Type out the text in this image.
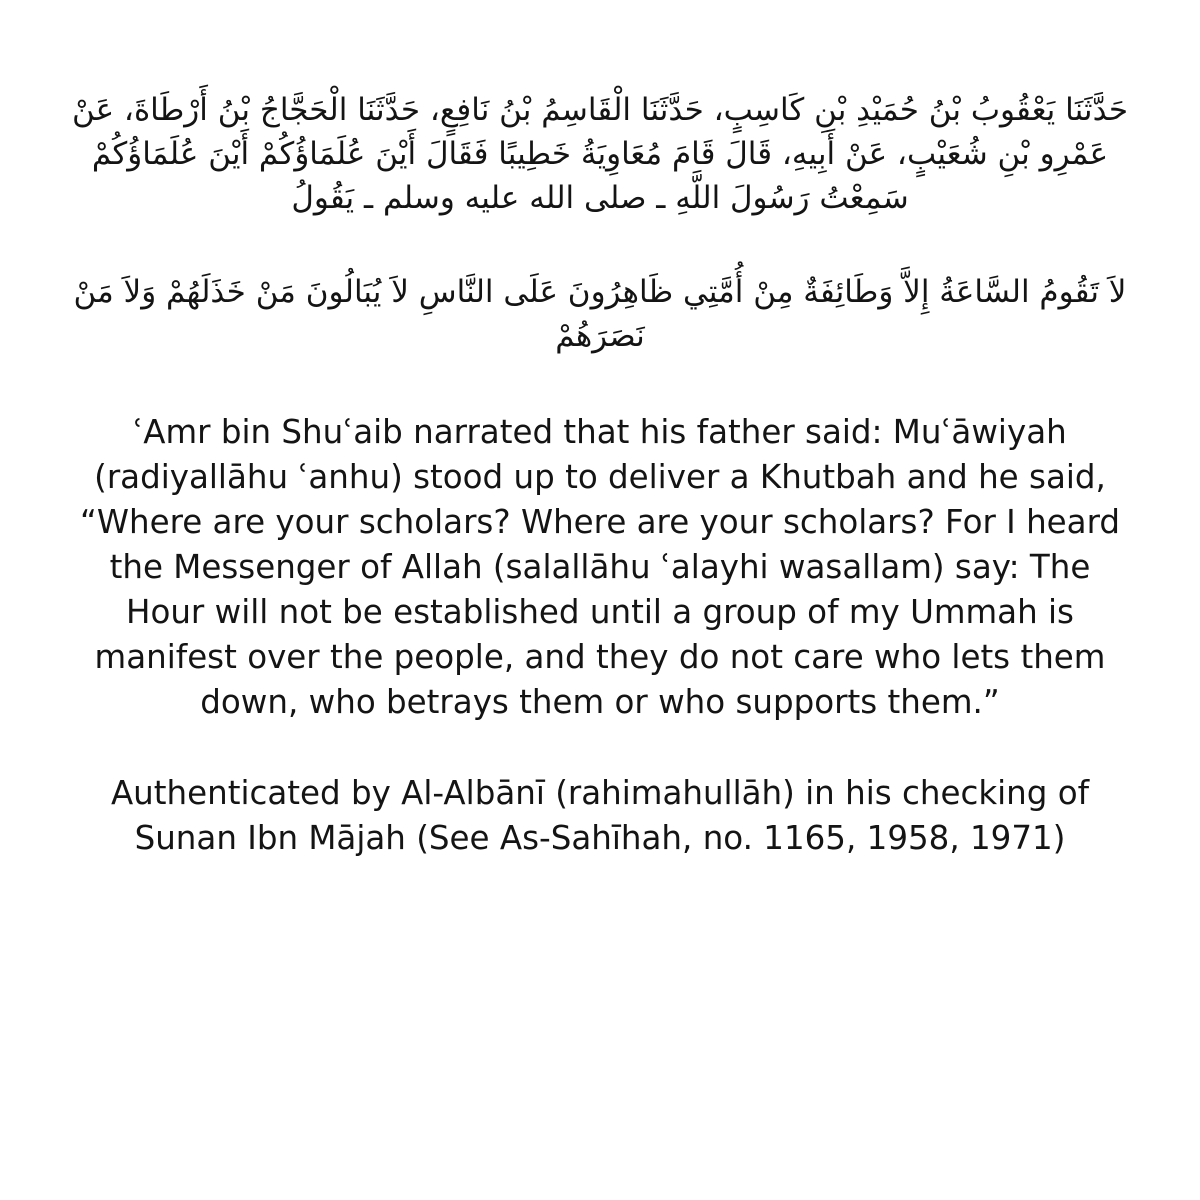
حَدَّثَنَا يَعْقُوبُ بْنُ حُمَيْدِ بْنِ كَاسِبٍ، حَدَّثَنَا الْقَاسِمُ بْنُ نَافِعٍ، حَدَّثَنَا الْحَجَّاجُ بْنُ أَرْطَاةَ، عَنْ عَمْرِو بْنِ شُعَيْبٍ، عَنْ أَبِيهِ، قَالَ قَامَ مُعَاوِيَةُ خَطِيبًا فَقَالَ أَيْنَ عُلَمَاؤُكُمْ أَيْنَ عُلَمَاؤُكُمْ سَمِعْتُ رَسُولَ اللَّهِ ـ صلى الله عليه وسلم ـ يَقُولُ

لاَ تَقُومُ السَّاعَةُ إِلاَّ وَطَائِفَةٌ مِنْ أُمَّتِي ظَاهِرُونَ عَلَى النَّاسِ لاَ يُبَالُونَ مَنْ خَذَلَهُمْ وَلاَ مَنْ نَصَرَهُمْ

ʿAmr bin Shuʿaib narrated that his father said: Muʿāwiyah (radiyallāhu ʿanhu) stood up to deliver a Khutbah and he said, “Where are your scholars? Where are your scholars? For I heard the Messenger of Allah (salallāhu ʿalayhi wasallam) say: The Hour will not be established until a group of my Ummah is manifest over the people, and they do not care who lets them down, who betrays them or who supports them.”

Authenticated by Al-Albānī (rahimahullāh) in his checking of Sunan Ibn Mājah (See As-Sahīhah, no. 1165, 1958, 1971)
